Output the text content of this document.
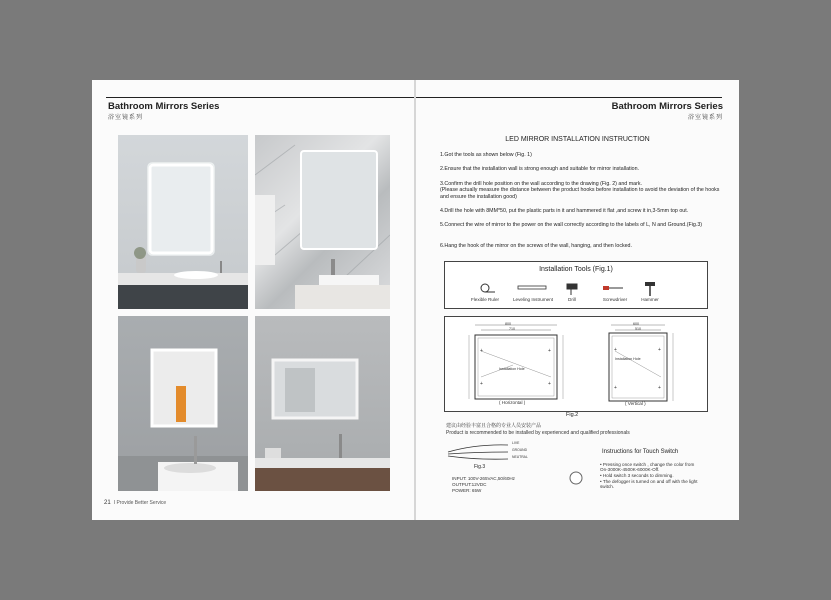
Bathroom Mirrors Series
浴室镜系列
21 I Provide Better Service
Bathroom Mirrors Series
浴室镜系列
LED MIRROR INSTALLATION INSTRUCTION
1.Got the tools as shown below (Fig. 1)
2.Ensure that the installation wall is strong enough and suitable for mirror installation.
3.Confirm the drill hole position on the wall according to the drawing (Fig. 2) and mark.
(Please actually measure the distance between the product hooks before installation to avoid the deviation of the hooks and ensure the installation good)
4.Drill the hole with 8MM*50, put the plastic parts in it and hammered it flat ,and screw it in,3-5mm top out.
5.Connect the wire of mirror to the power on the wall correctly according to the labels of L, N and Ground.(Fig.3)
6.Hang the hook of the mirror on the screws of the wall, hanging, and then locked.
Installation Tools (Fig.1)
Flexible Ruler	Leveling Instrument	Drill	Screwdriver	Hammer
+	+
+	+
+	+
+	+
800
710
600
510
Installation Hole
Installation Hole
( Horizontal )	( Vertical )
Fig.2
建议由经验丰富且合格的专业人员安装产品
Product is recommended to be installed by experienced and qualified professionals
LIVE
GROUND
NEUTRAL
Fig.3
INPUT: 100V-265VAC,50/60Hz
OUTPUT:12VDC
POWER: 65W
Instructions for Touch Switch
• Pressing once switch , change the color from On-3000K-4500K-6000K-Off.
• Hold switch 3 seconds to dimming.
• The defogger is turned on and off with the light switch.
